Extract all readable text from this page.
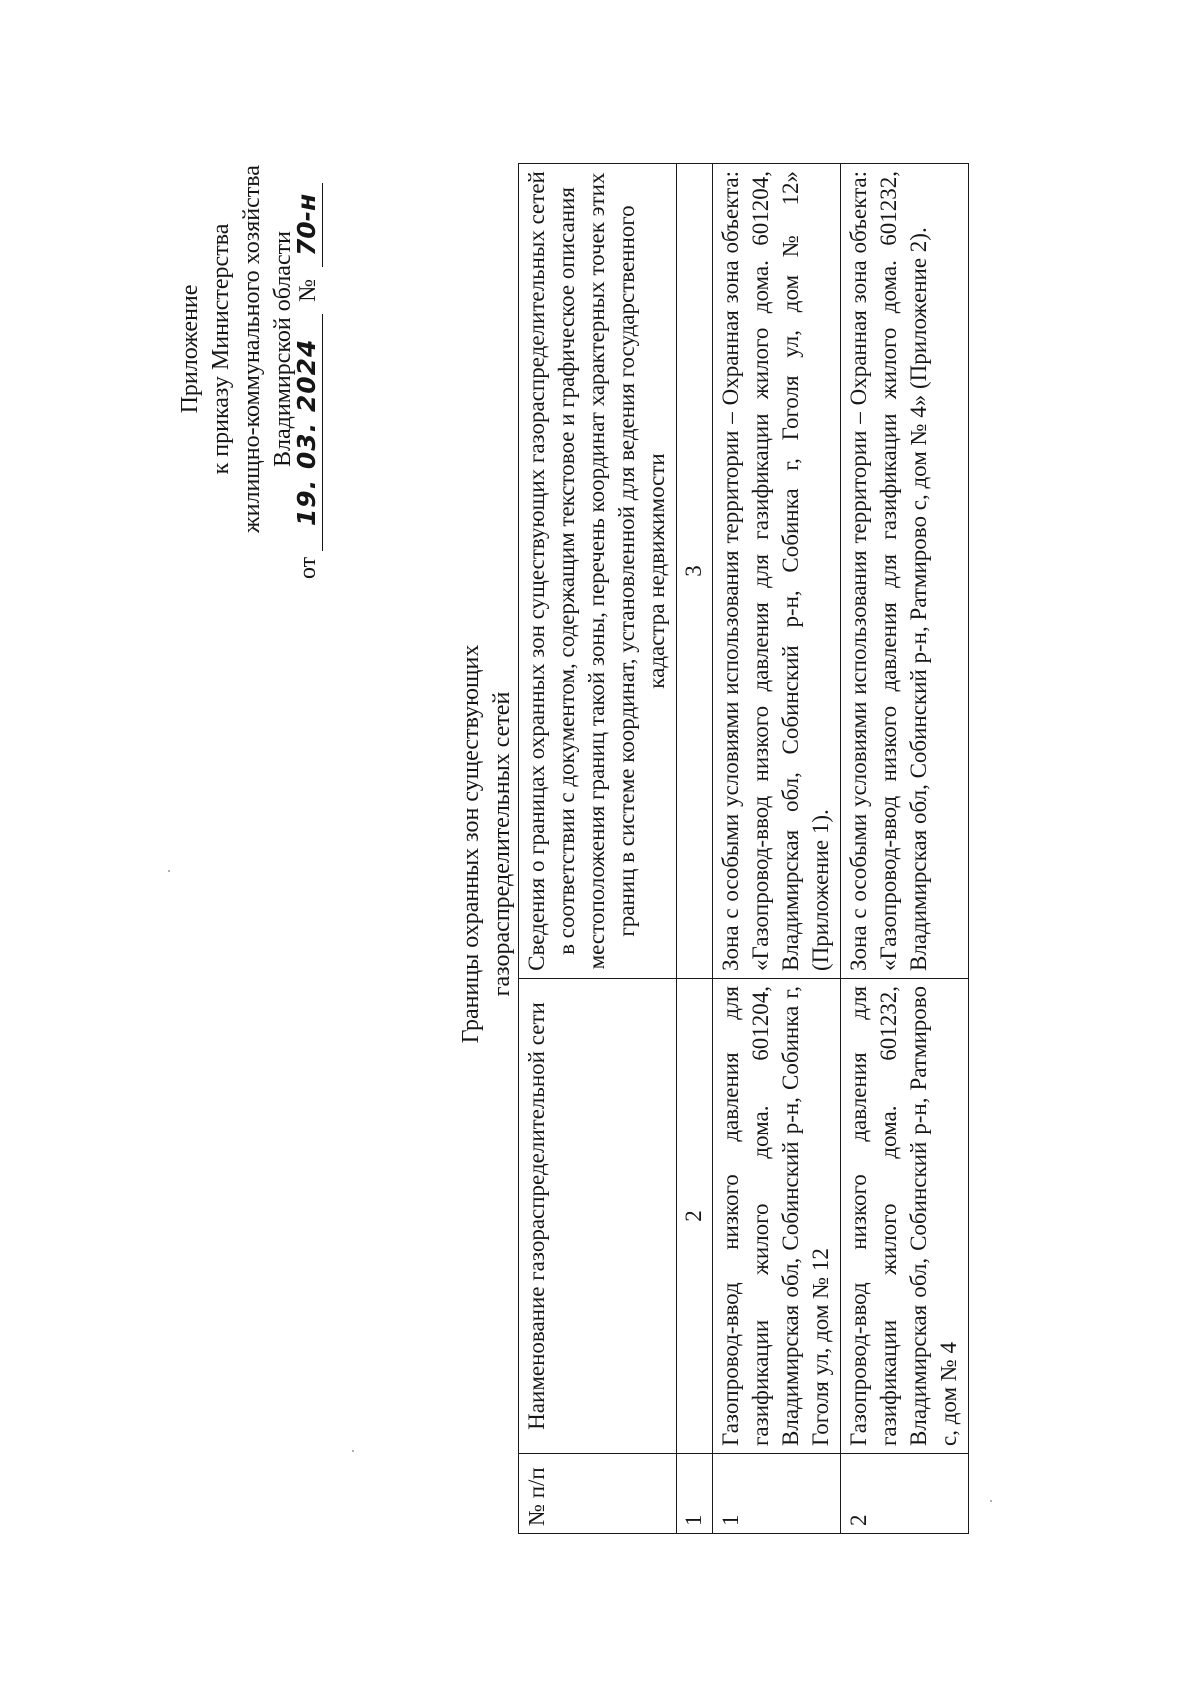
Приложение к приказу Министерства жилищно-коммунального хозяйства Владимирской области
от 19. 03. 2024 № 70-н
Границы охранных зон существующих газораспределительных сетей
№ п/п	Наименование газораспределительной сети	Сведения о границах охранных зон существующих газораспределительных сетей в соответствии с документом, содержащим текстовое и графическое описания местоположения границ такой зоны, перечень координат характерных точек этих границ в системе координат, установленной для ведения государственного кадастра недвижимости
1	2	3
1	Газопровод-ввод низкого давления для газификации жилого дома. 601204, Владимирская обл, Собинский р-н, Собинка г, Гоголя ул, дом № 12	Зона с особыми условиями использования территории – Охранная зона объекта: «Газопровод-ввод низкого давления для газификации жилого дома. 601204, Владимирская обл, Собинский р-н, Собинка г, Гоголя ул, дом № 12» (Приложение 1).
2	Газопровод-ввод низкого давления для газификации жилого дома. 601232, Владимирская обл, Собинский р-н, Ратмирово с, дом № 4	Зона с особыми условиями использования территории – Охранная зона объекта: «Газопровод-ввод низкого давления для газификации жилого дома. 601232, Владимирская обл, Собинский р-н, Ратмирово с, дом № 4» (Приложение 2).
